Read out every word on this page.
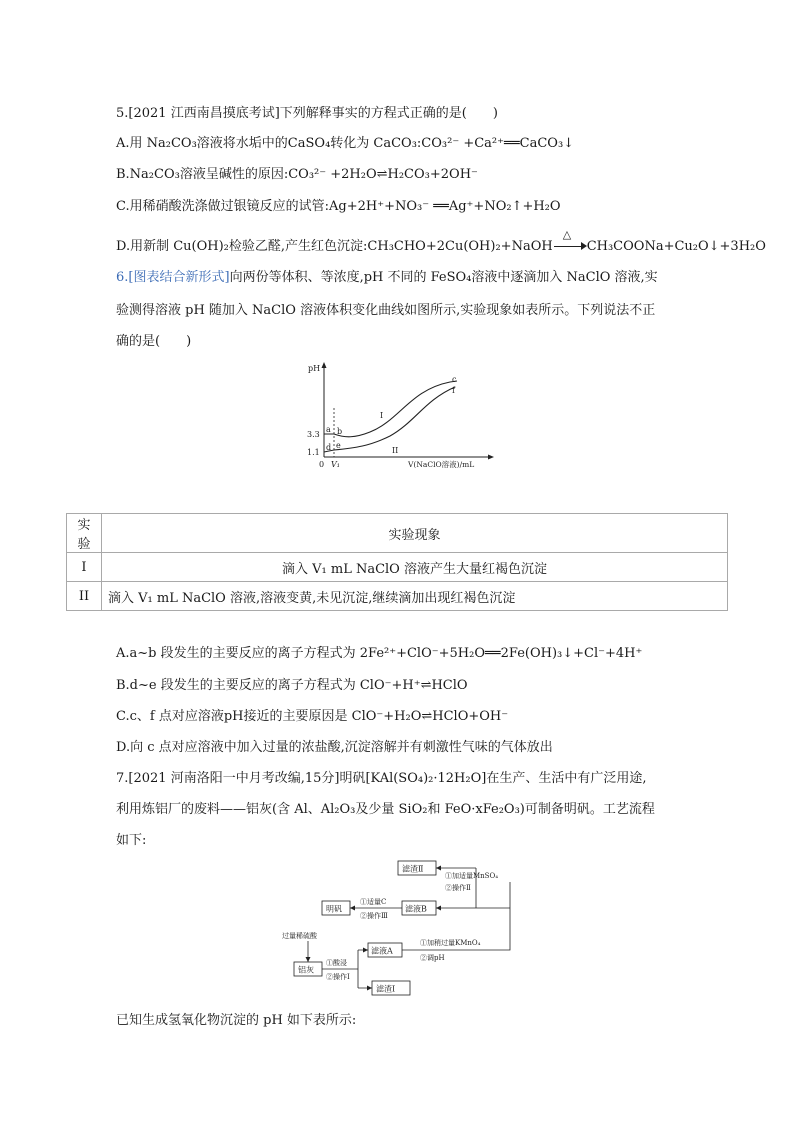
5.[2021 江西南昌摸底考试]下列解释事实的方程式正确的是(　　)
A.用 Na₂CO₃溶液将水垢中的CaSO₄转化为 CaCO₃:CO₃²⁻ +Ca²⁺══CaCO₃↓
B.Na₂CO₃溶液呈碱性的原因:CO₃²⁻ +2H₂O⇌H₂CO₃+2OH⁻
C.用稀硝酸洗涤做过银镜反应的试管:Ag+2H⁺+NO₃⁻ ══Ag⁺+NO₂↑+H₂O
D.用新制 Cu(OH)₂检验乙醛,产生红色沉淀:CH₃CHO+2Cu(OH)₂+NaOH
△
CH₃COONa+Cu₂O↓+3H₂O
6.[图表结合新形式]向两份等体积、等浓度,pH 不同的 FeSO₄溶液中逐滴加入 NaClO 溶液,实
验测得溶液 pH 随加入 NaClO 溶液体积变化曲线如图所示,实验现象如表所示。下列说法不正
确的是(　　)
pH
3.3
1.1
0 V₁	V(NaClO溶液)/mL
I
II
a b
c
d e
f
实验	实验现象
I	滴入 V₁ mL NaClO 溶液产生大量红褐色沉淀
II	滴入 V₁ mL NaClO 溶液,溶液变黄,未见沉淀,继续滴加出现红褐色沉淀
A.a~b 段发生的主要反应的离子方程式为 2Fe²⁺+ClO⁻+5H₂O══2Fe(OH)₃↓+Cl⁻+4H⁺
B.d~e 段发生的主要反应的离子方程式为 ClO⁻+H⁺⇌HClO
C.c、f 点对应溶液pH接近的主要原因是 ClO⁻+H₂O⇌HClO+OH⁻
D.向 c 点对应溶液中加入过量的浓盐酸,沉淀溶解并有刺激性气味的气体放出
7.[2021 河南洛阳一中月考改编,15分]明矾[KAl(SO₄)₂·12H₂O]在生产、生活中有广泛用途,
利用炼铝厂的废料——铝灰(含 Al、Al₂O₃及少量 SiO₂和 FeO·xFe₂O₃)可制备明矾。工艺流程
如下:
滤渣Ⅱ
明矾	滤液B
滤液A
铝灰
滤渣Ⅰ
①加适量MnSO₄
②操作Ⅱ
①适量C
②操作Ⅲ
过量稀硫酸
①酸浸
②操作Ⅰ
①加稍过量KMnO₄
②调pH
已知生成氢氧化物沉淀的 pH 如下表所示:
